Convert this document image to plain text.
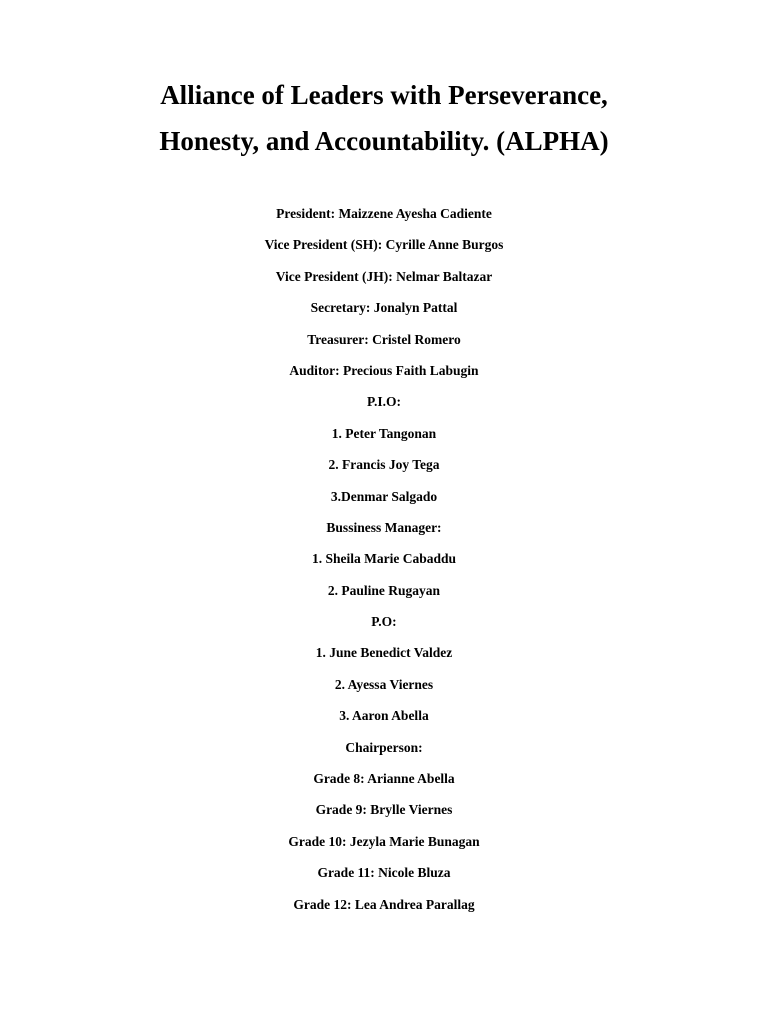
Alliance of Leaders with Perseverance,
Honesty, and Accountability. (ALPHA)
President: Maizzene Ayesha Cadiente
Vice President (SH): Cyrille Anne Burgos
Vice President (JH): Nelmar Baltazar
Secretary: Jonalyn Pattal
Treasurer: Cristel Romero
Auditor: Precious Faith Labugin
P.I.O:
1. Peter Tangonan
2. Francis Joy Tega
3.Denmar Salgado
Bussiness Manager:
1. Sheila Marie Cabaddu
2. Pauline Rugayan
P.O:
1. June Benedict Valdez
2. Ayessa Viernes
3. Aaron Abella
Chairperson:
Grade 8: Arianne Abella
Grade 9: Brylle Viernes
Grade 10: Jezyla Marie Bunagan
Grade 11: Nicole Bluza
Grade 12: Lea Andrea Parallag
